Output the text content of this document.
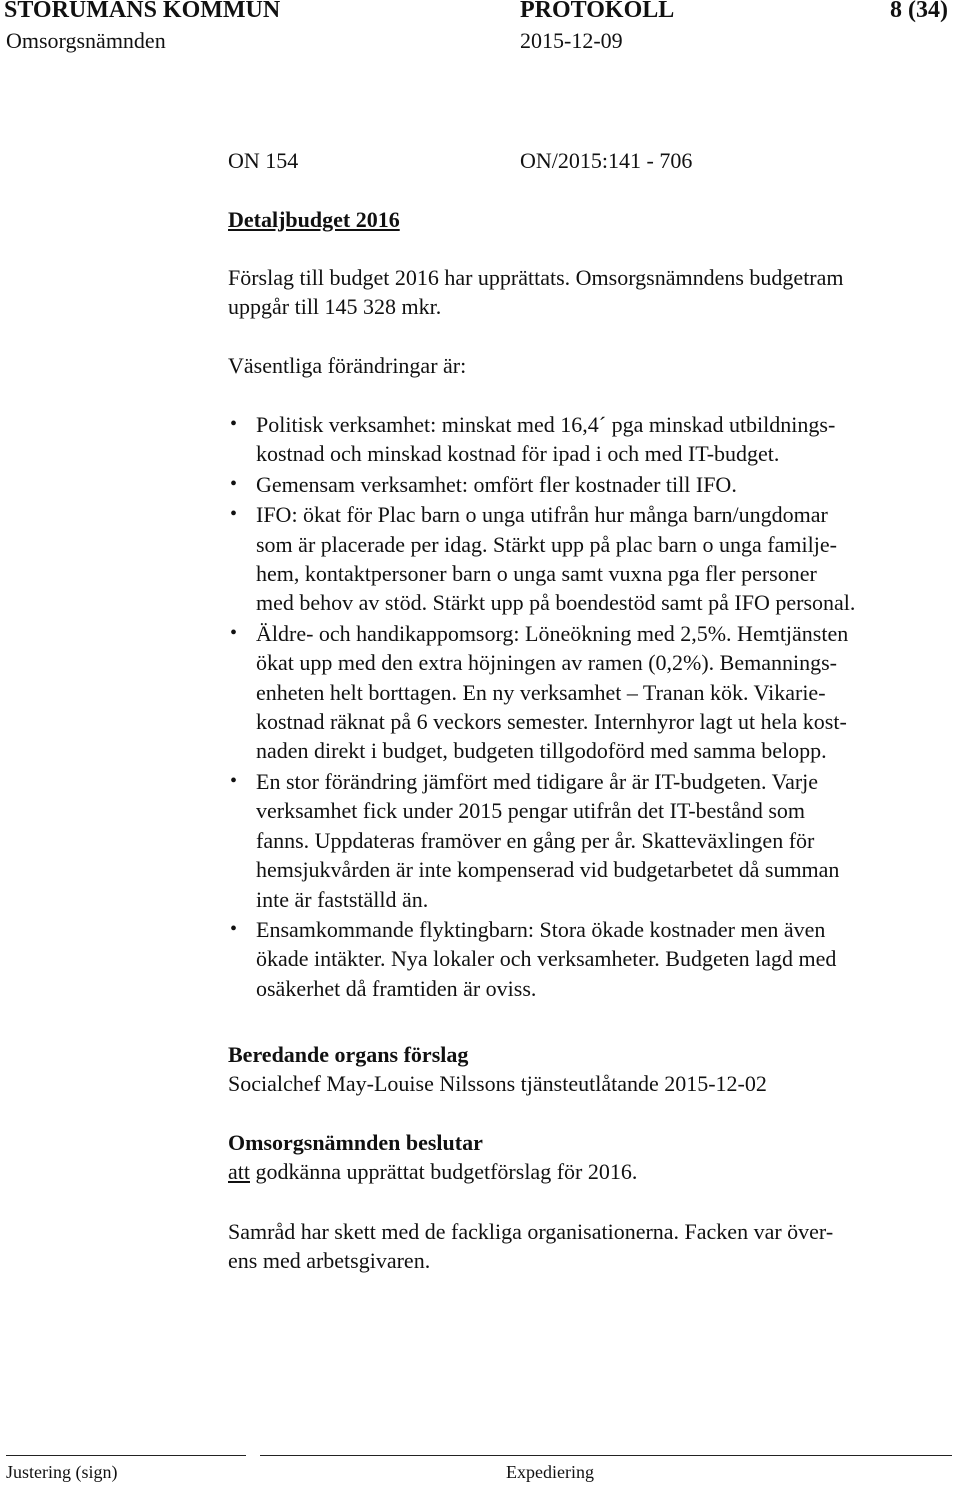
STORUMANS KOMMUN	PROTOKOLL	8 (34)
Omsorgsnämnden	2015-12-09
ON 154	ON/2015:141 - 706
Detaljbudget 2016
Förslag till budget 2016 har upprättats. Omsorgsnämndens budgetram
uppgår till 145 328 mkr.
Väsentliga förändringar är:
• Politisk verksamhet: minskat med 16,4´ pga minskad utbildnings-
kostnad och minskad kostnad för ipad i och med IT-budget.
• Gemensam verksamhet: omfört fler kostnader till IFO.
• IFO: ökat för Plac barn o unga utifrån hur många barn/ungdomar
som är placerade per idag. Stärkt upp på plac barn o unga familje-
hem, kontaktpersoner barn o unga samt vuxna pga fler personer
med behov av stöd. Stärkt upp på boendestöd samt på IFO personal.
• Äldre- och handikappomsorg: Löneökning med 2,5%. Hemtjänsten
ökat upp med den extra höjningen av ramen (0,2%). Bemannings-
enheten helt borttagen. En ny verksamhet – Tranan kök. Vikarie-
kostnad räknat på 6 veckors semester. Internhyror lagt ut hela kost-
naden direkt i budget, budgeten tillgodoförd med samma belopp.
• En stor förändring jämfört med tidigare år är IT-budgeten. Varje
verksamhet fick under 2015 pengar utifrån det IT-bestånd som
fanns. Uppdateras framöver en gång per år. Skatteväxlingen för
hemsjukvården är inte kompenserad vid budgetarbetet då summan
inte är fastställd än.
• Ensamkommande flyktingbarn: Stora ökade kostnader men även
ökade intäkter. Nya lokaler och verksamheter. Budgeten lagd med
osäkerhet då framtiden är oviss.
Beredande organs förslag
Socialchef May-Louise Nilssons tjänsteutlåtande 2015-12-02
Omsorgsnämnden beslutar
att godkänna upprättat budgetförslag för 2016.
Samråd har skett med de fackliga organisationerna. Facken var över-
ens med arbetsgivaren.
Justering (sign)	Expediering
